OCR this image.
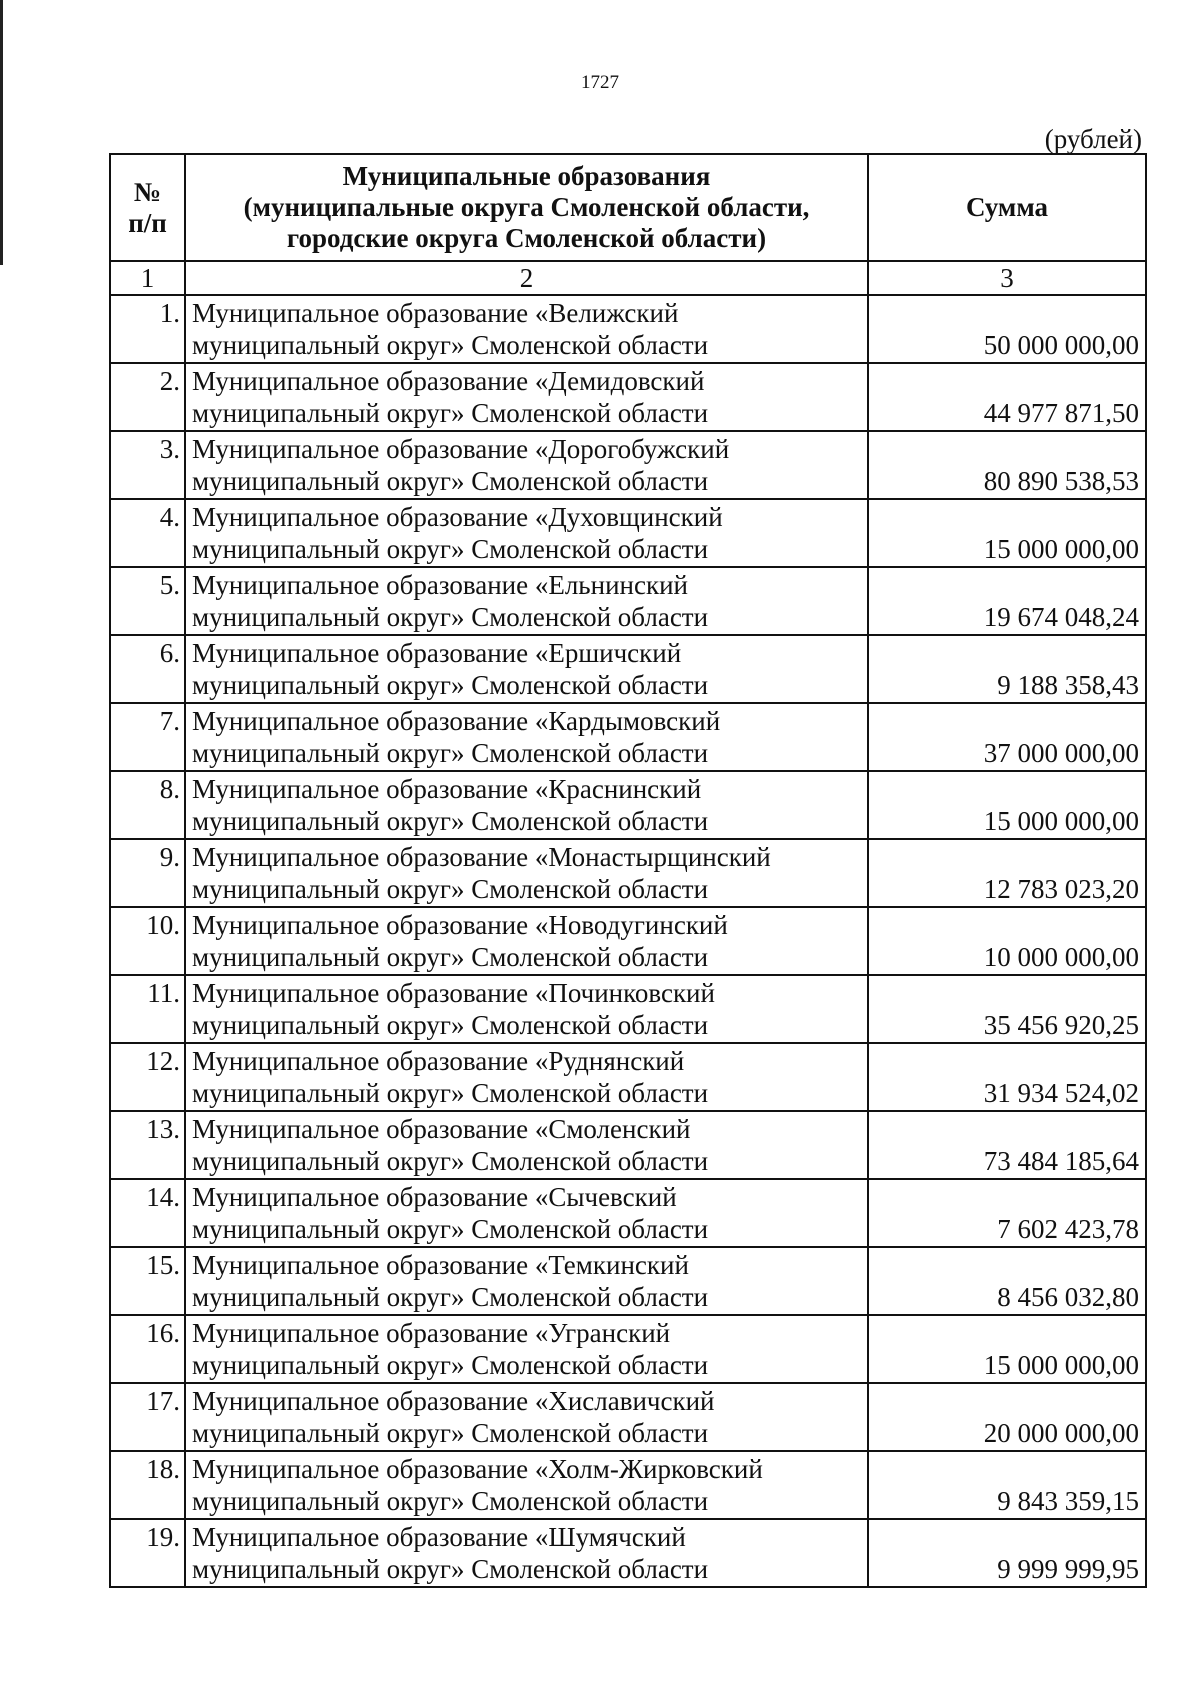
1727
(рублей)
№
п/п	Муниципальные образования
(муниципальные округа Смоленской области,
городские округа Смоленской области)	Сумма
1	2	3
1.	Муниципальное образование «Велижский
муниципальный округ» Смоленской области	50 000 000,00
2.	Муниципальное образование «Демидовский
муниципальный округ» Смоленской области	44 977 871,50
3.	Муниципальное образование «Дорогобужский
муниципальный округ» Смоленской области	80 890 538,53
4.	Муниципальное образование «Духовщинский
муниципальный округ» Смоленской области	15 000 000,00
5.	Муниципальное образование «Ельнинский
муниципальный округ» Смоленской области	19 674 048,24
6.	Муниципальное образование «Ершичский
муниципальный округ» Смоленской области	9 188 358,43
7.	Муниципальное образование «Кардымовский
муниципальный округ» Смоленской области	37 000 000,00
8.	Муниципальное образование «Краснинский
муниципальный округ» Смоленской области	15 000 000,00
9.	Муниципальное образование «Монастырщинский
муниципальный округ» Смоленской области	12 783 023,20
10.	Муниципальное образование «Новодугинский
муниципальный округ» Смоленской области	10 000 000,00
11.	Муниципальное образование «Починковский
муниципальный округ» Смоленской области	35 456 920,25
12.	Муниципальное образование «Руднянский
муниципальный округ» Смоленской области	31 934 524,02
13.	Муниципальное образование «Смоленский
муниципальный округ» Смоленской области	73 484 185,64
14.	Муниципальное образование «Сычевский
муниципальный округ» Смоленской области	7 602 423,78
15.	Муниципальное образование «Темкинский
муниципальный округ» Смоленской области	8 456 032,80
16.	Муниципальное образование «Угранский
муниципальный округ» Смоленской области	15 000 000,00
17.	Муниципальное образование «Хиславичский
муниципальный округ» Смоленской области	20 000 000,00
18.	Муниципальное образование «Холм-Жирковский
муниципальный округ» Смоленской области	9 843 359,15
19.	Муниципальное образование «Шумячский
муниципальный округ» Смоленской области	9 999 999,95
